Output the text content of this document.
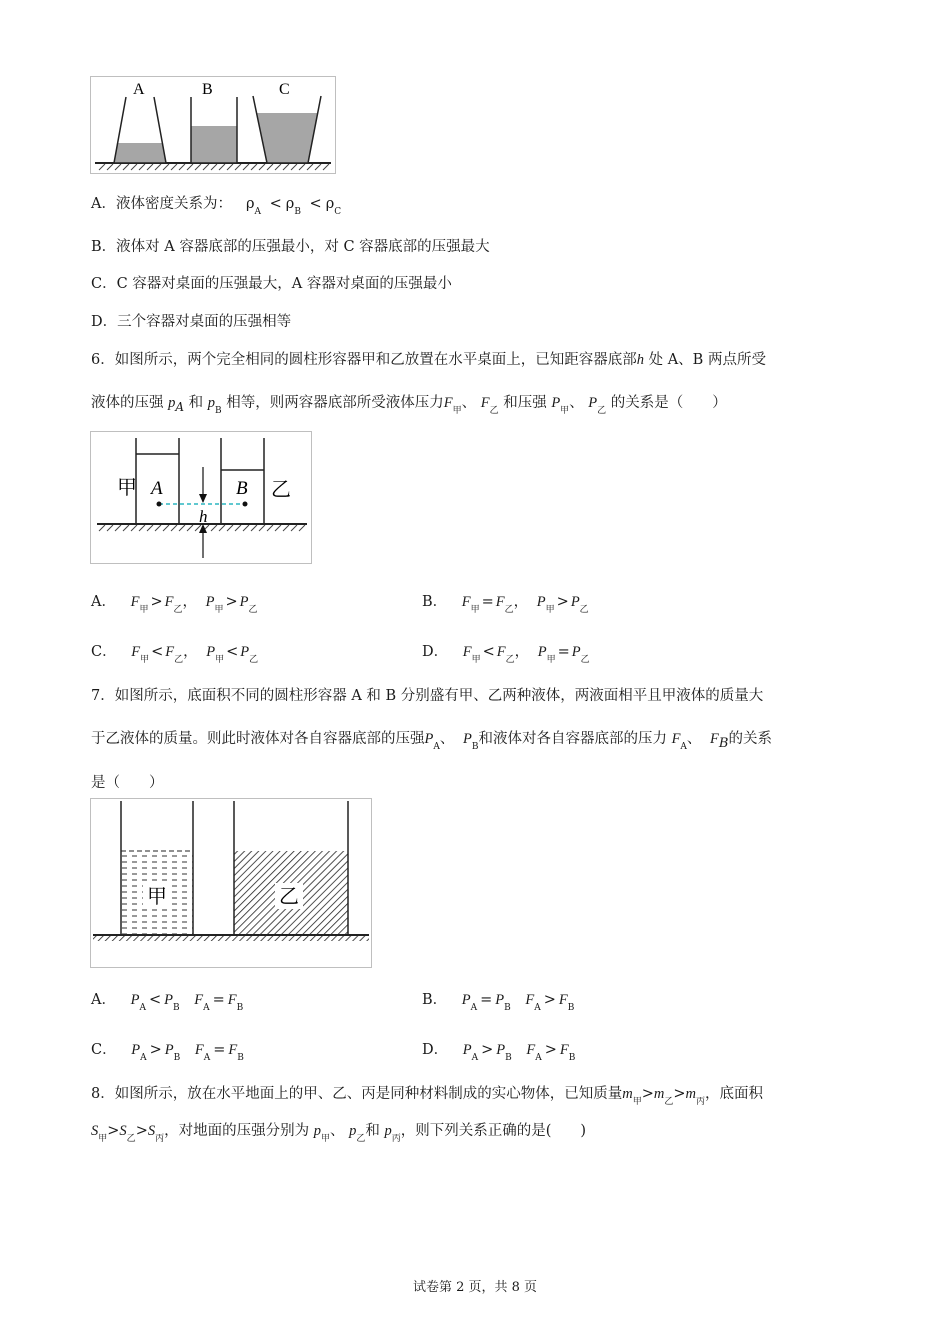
A	B	C
A．液体密度关系为： $\rho_A < \rho_B < \rho_C$
B．液体对 A 容器底部的压强最小，对 C 容器底部的压强最大
C．C 容器对桌面的压强最大，A 容器对桌面的压强最小
D．三个容器对桌面的压强相等
6．如图所示，两个完全相同的圆柱形容器甲和乙放置在水平桌面上，已知距容器底部h 处 A、B 两点所受
液体的压强 $p_A$ 和 $p_B$ 相等，则两容器底部所受液体压力$F_甲$、 $F_乙$ 和压强 $P_甲$、 $P_乙$ 的关系是（　　）
甲	乙
A	B
h
A． $F_甲 > F_乙$， $P_甲 > P_乙$	B． $F_甲 = F_乙$， $P_甲 > P_乙$
C． $F_甲 < F_乙$， $P_甲 < P_乙$	D． $F_甲 < F_乙$， $P_甲 = P_乙$
7．如图所示，底面积不同的圆柱形容器 A 和 B 分别盛有甲、乙两种液体，两液面相平且甲液体的质量大
于乙液体的质量。则此时液体对各自容器底部的压强$P_A$、 $P_B$和液体对各自容器底部的压力 $F_A$、 FB的关系
是（　　）
甲	乙
A． $P_A < P_B$ $F_A = F_B$	B． $P_A = P_B$ $F_A > F_B$
C． $P_A > P_B$ $F_A = F_B$	D． $P_A > P_B$ $F_A > F_B$
8．如图所示，放在水平地面上的甲、乙、丙是同种材料制成的实心物体，已知质量$m_甲>m_乙>m_丙$，底面积
$S_甲>S_乙>S_丙$，对地面的压强分别为 $p_甲$、 $p_乙$和 $p_丙$，则下列关系正确的是(　　)
试卷第 2 页，共 8 页
